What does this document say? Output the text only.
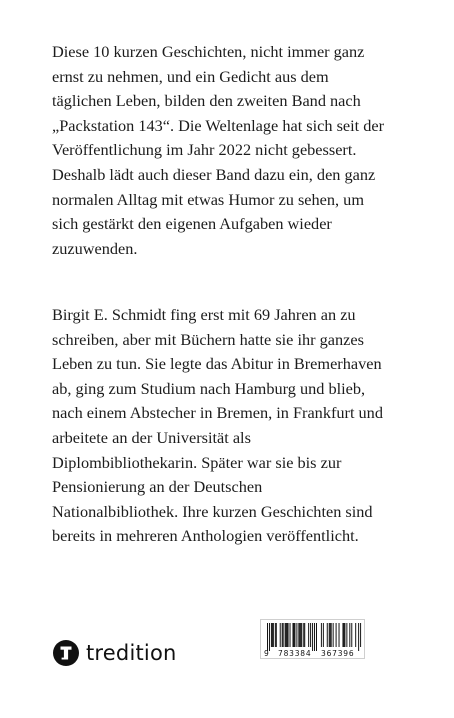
Diese 10 kurzen Geschichten, nicht immer ganz
ernst zu nehmen, und ein Gedicht aus dem
täglichen Leben, bilden den zweiten Band nach
„Packstation 143“. Die Weltenlage hat sich seit der
Veröffentlichung im Jahr 2022 nicht gebessert.
Deshalb lädt auch dieser Band dazu ein, den ganz
normalen Alltag mit etwas Humor zu sehen, um
sich gestärkt den eigenen Aufgaben wieder
zuzuwenden.

Birgit E. Schmidt fing erst mit 69 Jahren an zu
schreiben, aber mit Büchern hatte sie ihr ganzes
Leben zu tun. Sie legte das Abitur in Bremerhaven
ab, ging zum Studium nach Hamburg und blieb,
nach einem Abstecher in Bremen, in Frankfurt und
arbeitete an der Universität als
Diplombibliothekarin. Später war sie bis zur
Pensionierung an der Deutschen
Nationalbibliothek. Ihre kurzen Geschichten sind
bereits in mehreren Anthologien veröffentlicht.

tredition	9 783384 367396
